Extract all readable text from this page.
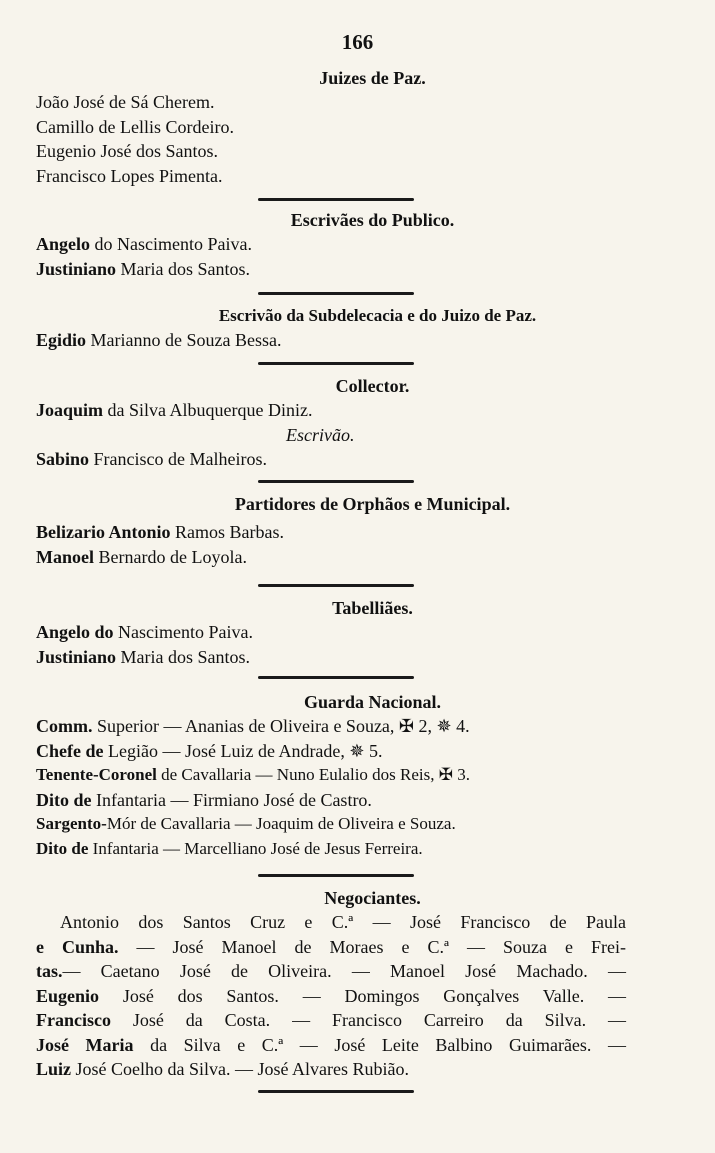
166
Juizes de Paz.
João José de Sá Cherem.
Camillo de Lellis Cordeiro.
Eugenio José dos Santos.
Francisco Lopes Pimenta.
Escrivães do Publico.
Angelo do Nascimento Paiva.
Justiniano Maria dos Santos.
Escrivão da Subdelecacia e do Juizo de Paz.
Egidio Marianno de Souza Bessa.
Collector.
Joaquim da Silva Albuquerque Diniz.
Escrivão.
Sabino Francisco de Malheiros.
Partidores de Orphãos e Municipal.
Belizario Antonio Ramos Barbas.
Manoel Bernardo de Loyola.
Tabelliães.
Angelo do Nascimento Paiva.
Justiniano Maria dos Santos.
Guarda Nacional.
Comm. Superior — Ananias de Oliveira e Souza, ✠ 2, ✵ 4.
Chefe de Legião — José Luiz de Andrade, ✵ 5.
Tenente-Coronel de Cavallaria — Nuno Eulalio dos Reis, ✠ 3.
Dito de Infantaria — Firmiano José de Castro.
Sargento-Mór de Cavallaria — Joaquim de Oliveira e Souza.
Dito de Infantaria — Marcelliano José de Jesus Ferreira.
Negociantes.
Antonio dos Santos Cruz e C.ª — José Francisco de Paula
e Cunha. — José Manoel de Moraes e C.ª — Souza e Frei-
tas.— Caetano José de Oliveira. — Manoel José Machado. —
Eugenio José dos Santos. — Domingos Gonçalves Valle. —
Francisco José da Costa. — Francisco Carreiro da Silva. —
José Maria da Silva e C.ª — José Leite Balbino Guimarães. —
Luiz José Coelho da Silva. — José Alvares Rubião.
